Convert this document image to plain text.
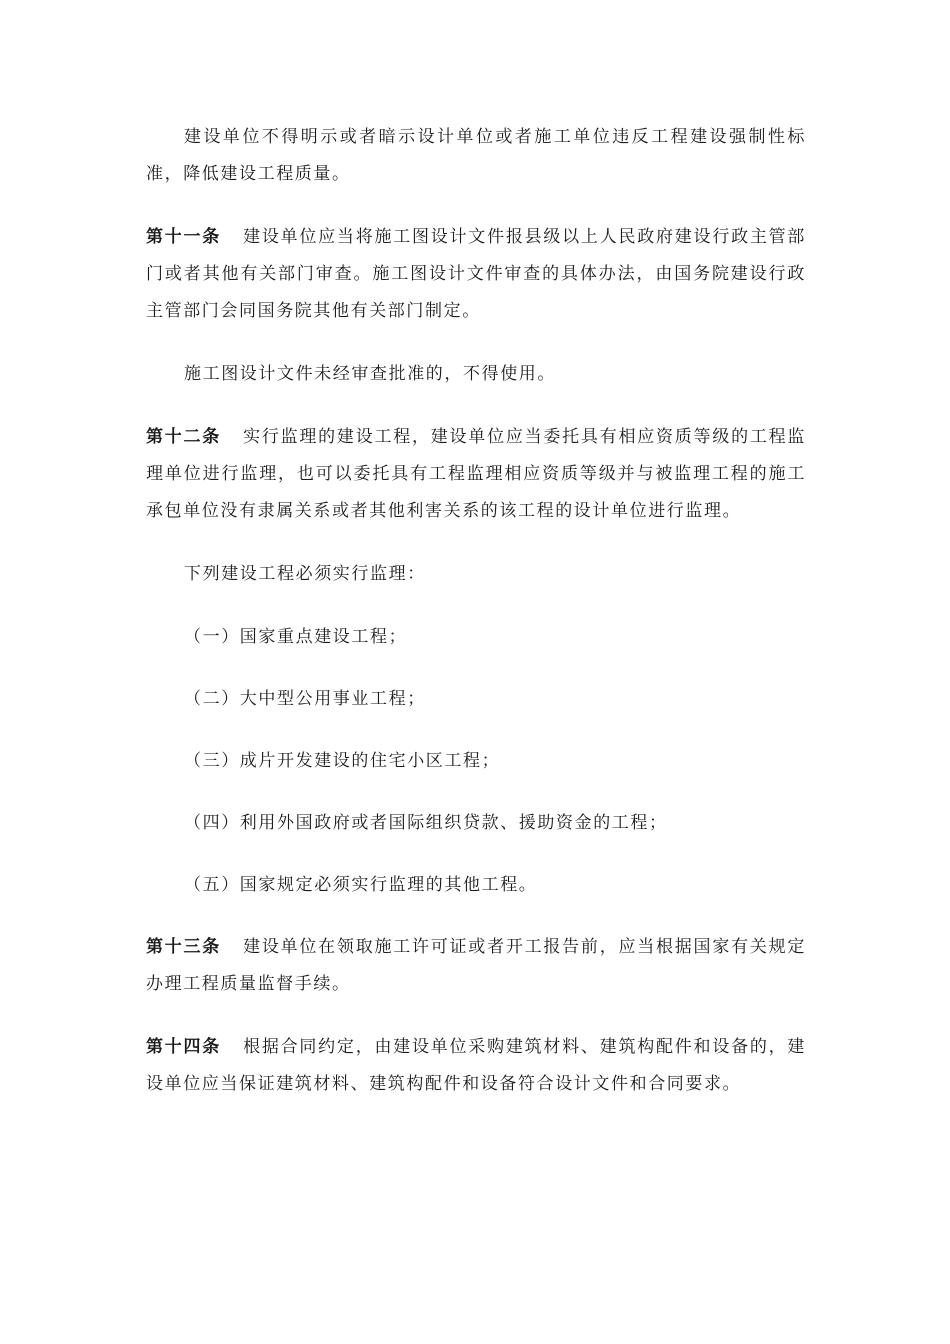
建设单位不得明示或者暗示设计单位或者施工单位违反工程建设强制性标准，降低建设工程质量。

第十一条 建设单位应当将施工图设计文件报县级以上人民政府建设行政主管部门或者其他有关部门审查。施工图设计文件审查的具体办法，由国务院建设行政主管部门会同国务院其他有关部门制定。

施工图设计文件未经审查批准的，不得使用。

第十二条 实行监理的建设工程，建设单位应当委托具有相应资质等级的工程监理单位进行监理，也可以委托具有工程监理相应资质等级并与被监理工程的施工承包单位没有隶属关系或者其他利害关系的该工程的设计单位进行监理。

下列建设工程必须实行监理：

（一）国家重点建设工程；

（二）大中型公用事业工程；

（三）成片开发建设的住宅小区工程；

（四）利用外国政府或者国际组织贷款、援助资金的工程；

（五）国家规定必须实行监理的其他工程。

第十三条 建设单位在领取施工许可证或者开工报告前，应当根据国家有关规定办理工程质量监督手续。

第十四条 根据合同约定，由建设单位采购建筑材料、建筑构配件和设备的，建设单位应当保证建筑材料、建筑构配件和设备符合设计文件和合同要求。
